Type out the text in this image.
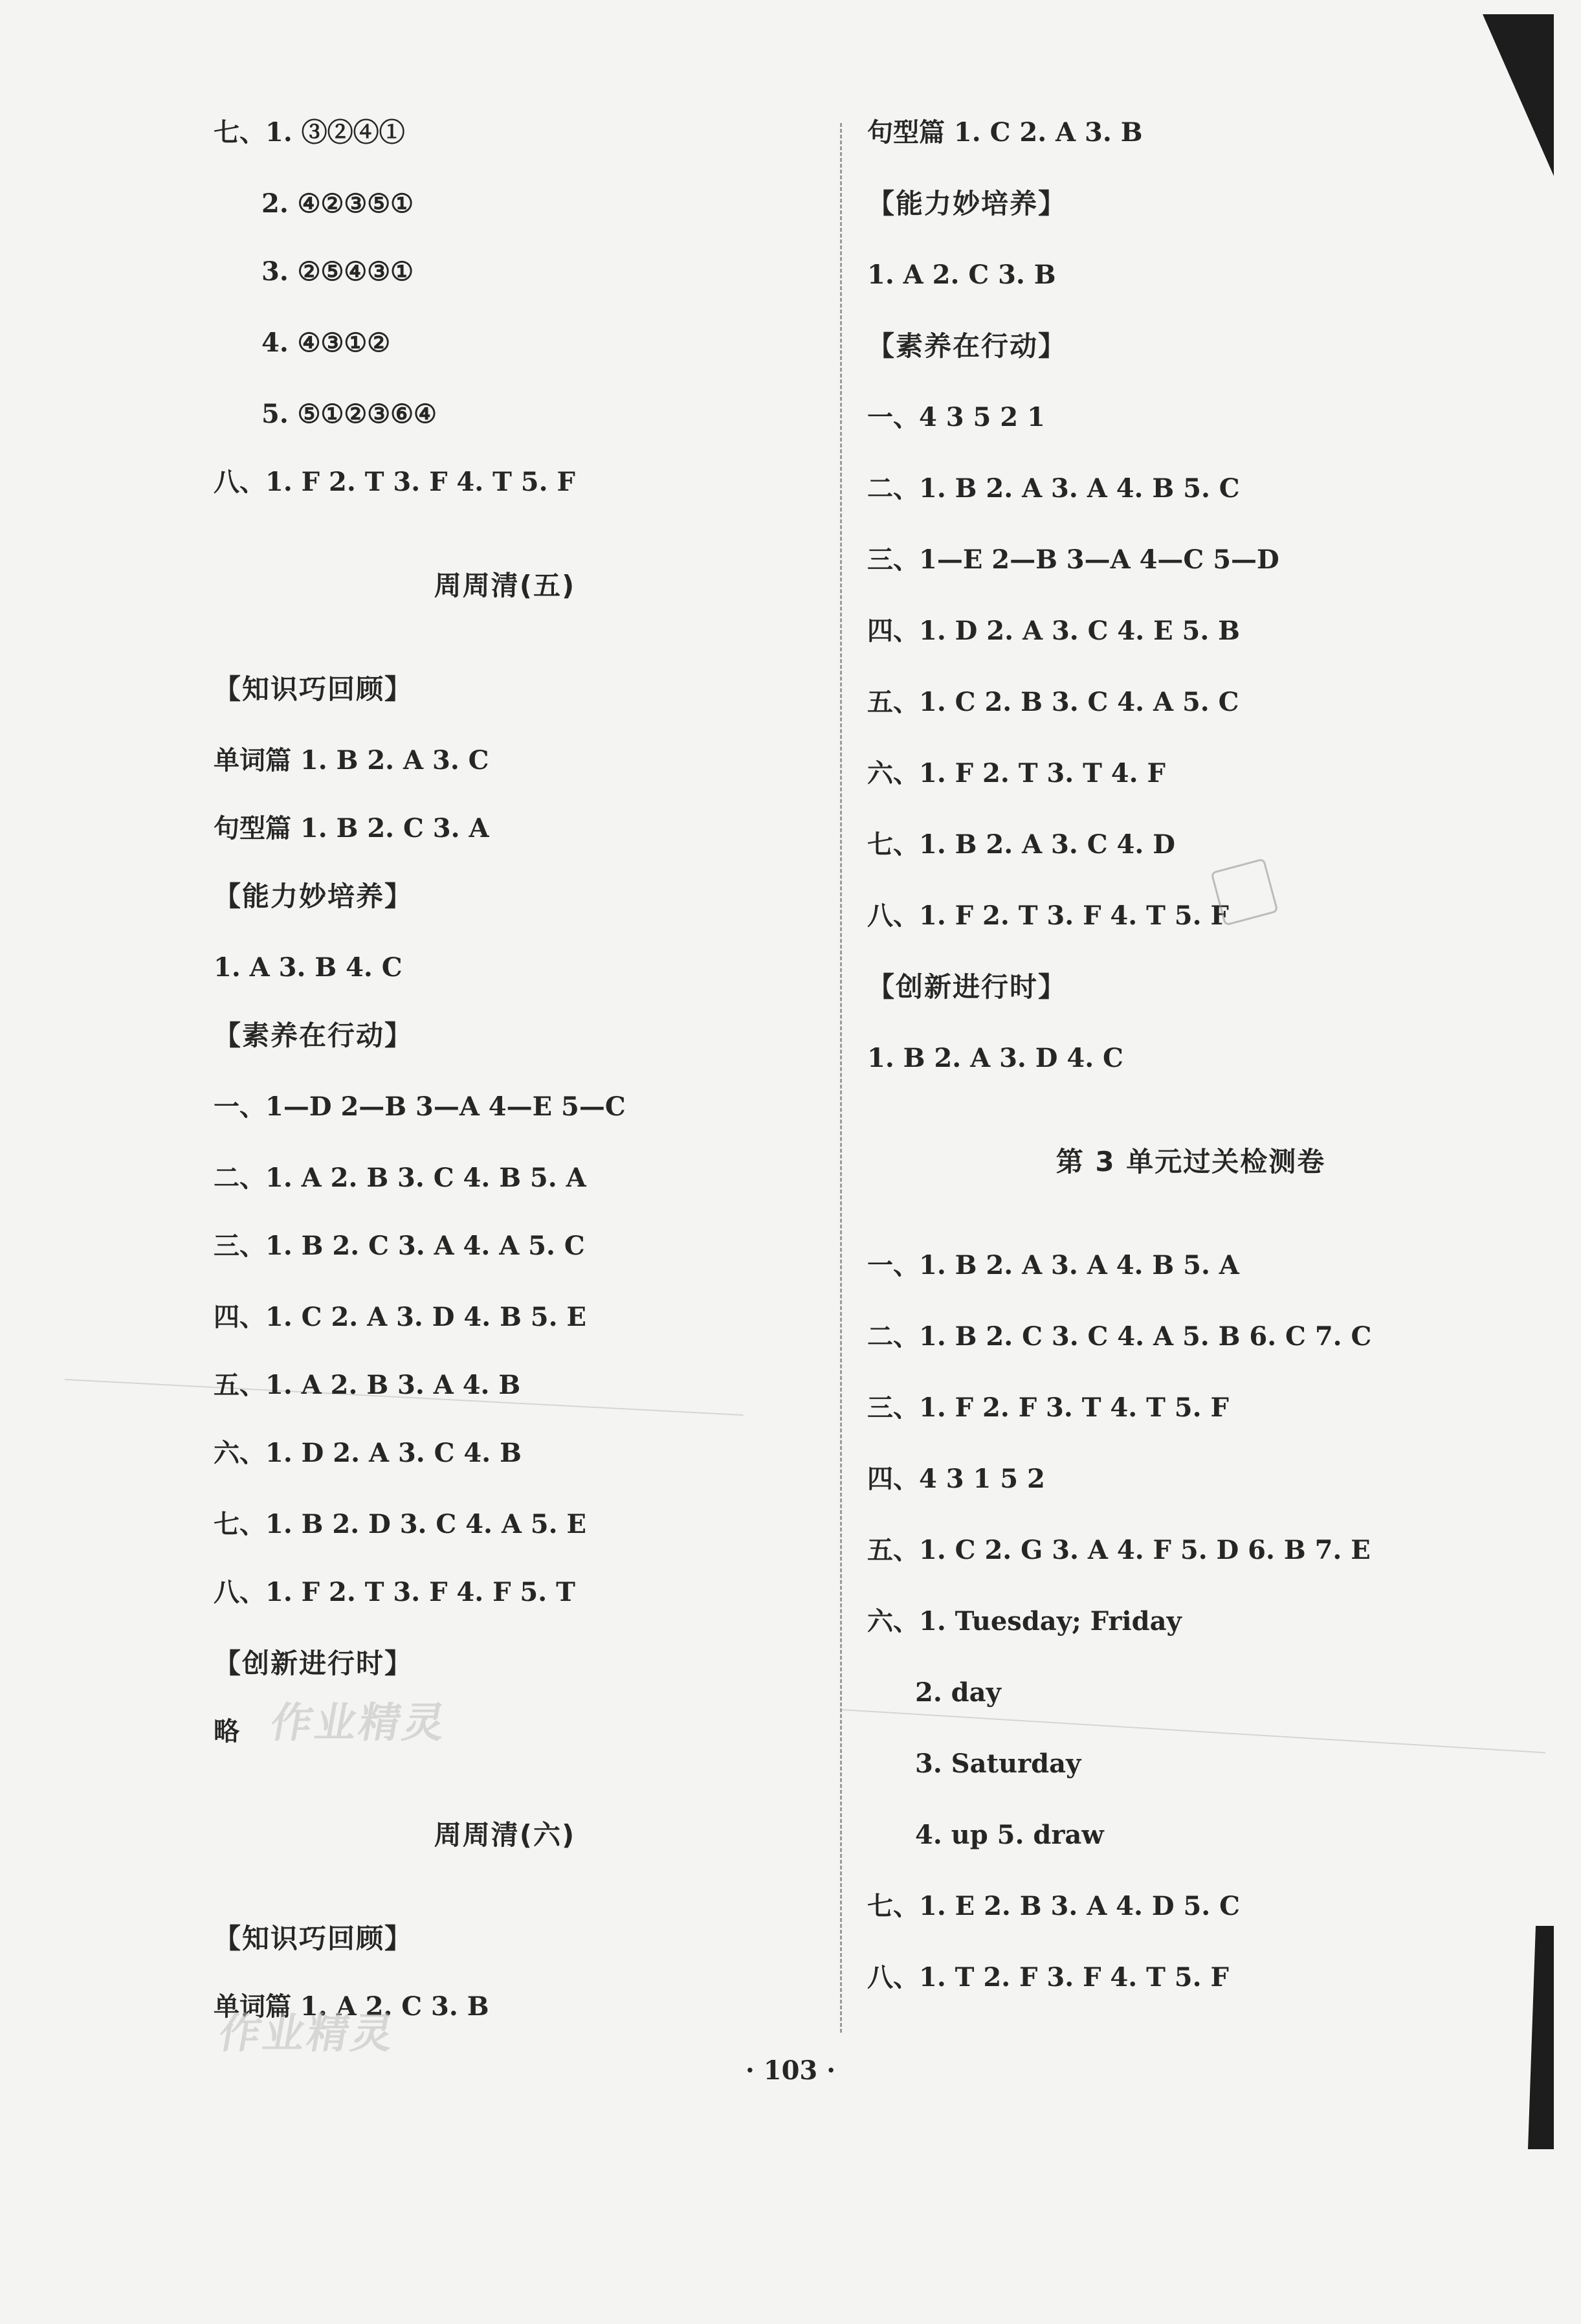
七、1. ③②④①
2. ④②③⑤①
3. ②⑤④③①
4. ④③①②
5. ⑤①②③⑥④
八、1. F 2. T 3. F 4. T 5. F
周周清(五)
【知识巧回顾】
单词篇 1. B 2. A 3. C
句型篇 1. B 2. C 3. A
【能力妙培养】
1. A 3. B 4. C
【素养在行动】
一、1—D 2—B 3—A 4—E 5—C
二、1. A 2. B 3. C 4. B 5. A
三、1. B 2. C 3. A 4. A 5. C
四、1. C 2. A 3. D 4. B 5. E
五、1. A 2. B 3. A 4. B
六、1. D 2. A 3. C 4. B
七、1. B 2. D 3. C 4. A 5. E
八、1. F 2. T 3. F 4. F 5. T
【创新进行时】
略
周周清(六)
【知识巧回顾】
单词篇 1. A 2. C 3. B
句型篇 1. C 2. A 3. B
【能力妙培养】
1. A 2. C 3. B
【素养在行动】
一、4 3 5 2 1
二、1. B 2. A 3. A 4. B 5. C
三、1—E 2—B 3—A 4—C 5—D
四、1. D 2. A 3. C 4. E 5. B
五、1. C 2. B 3. C 4. A 5. C
六、1. F 2. T 3. T 4. F
七、1. B 2. A 3. C 4. D
八、1. F 2. T 3. F 4. T 5. F
【创新进行时】
1. B 2. A 3. D 4. C
第 3 单元过关检测卷
一、1. B 2. A 3. A 4. B 5. A
二、1. B 2. C 3. C 4. A 5. B 6. C 7. C
三、1. F 2. F 3. T 4. T 5. F
四、4 3 1 5 2
五、1. C 2. G 3. A 4. F 5. D 6. B 7. E
六、1. Tuesday; Friday
2. day
3. Saturday
4. up 5. draw
七、1. E 2. B 3. A 4. D 5. C
八、1. T 2. F 3. F 4. T 5. F
作业精灵
作业精灵
· 103 ·
